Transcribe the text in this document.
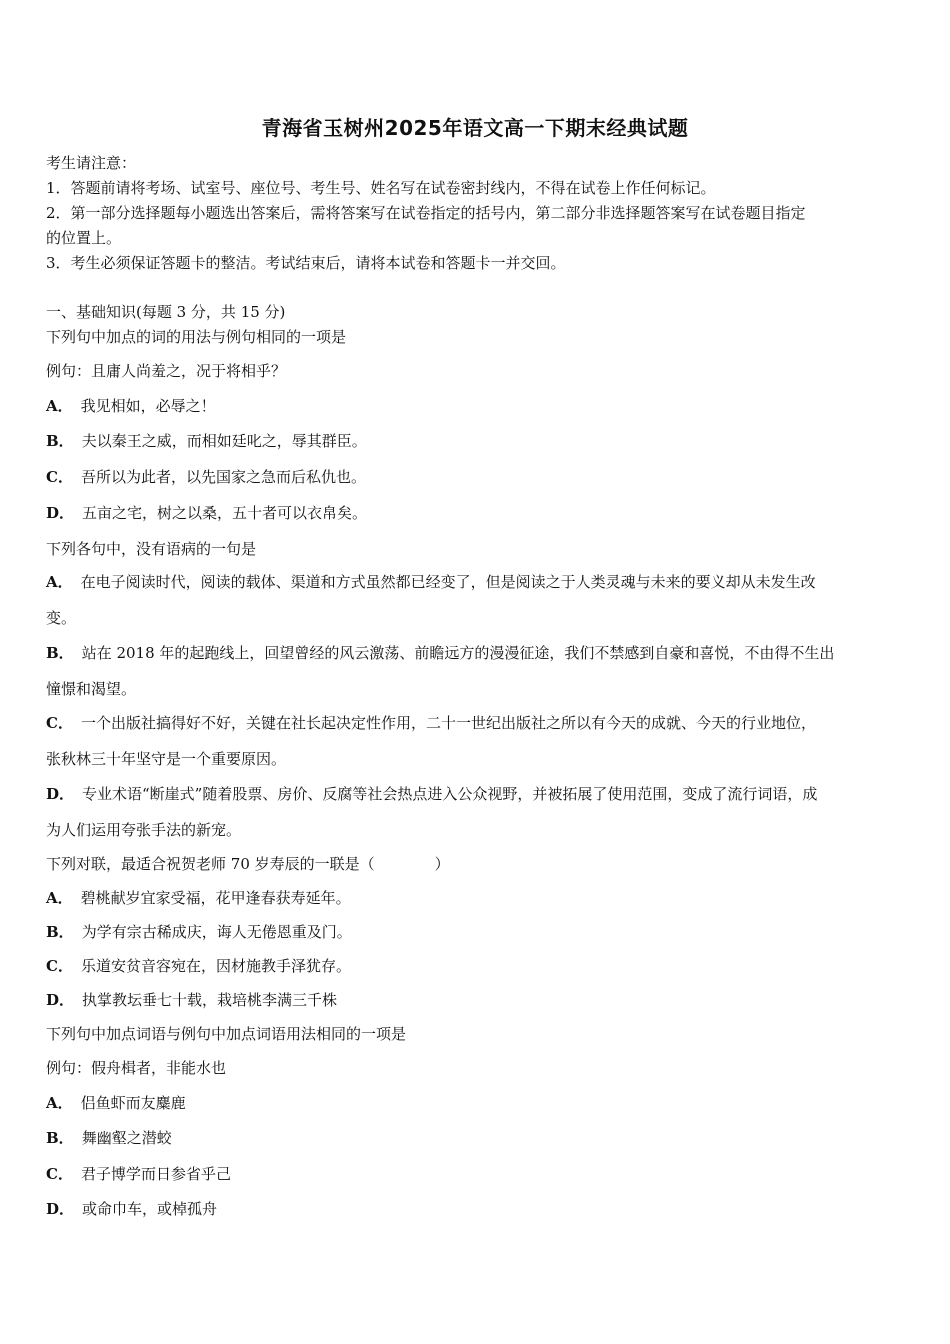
青海省玉树州2025年语文高一下期末经典试题
考生请注意：
1．答题前请将考场、试室号、座位号、考生号、姓名写在试卷密封线内，不得在试卷上作任何标记。
2．第一部分选择题每小题选出答案后，需将答案写在试卷指定的括号内，第二部分非选择题答案写在试卷题目指定
的位置上。
3．考生必须保证答题卡的整洁。考试结束后，请将本试卷和答题卡一并交回。
一、基础知识(每题 3 分，共 15 分)
下列句中加点的词的用法与例句相同的一项是
例句：且庸人尚羞之，况于将相乎？
A． 我见相如，必辱之！
B． 夫以秦王之威，而相如廷叱之，辱其群臣。
C． 吾所以为此者，以先国家之急而后私仇也。
D． 五亩之宅，树之以桑，五十者可以衣帛矣。
下列各句中，没有语病的一句是
A． 在电子阅读时代，阅读的载体、渠道和方式虽然都已经变了，但是阅读之于人类灵魂与未来的要义却从未发生改
变。
B． 站在 2018 年的起跑线上，回望曾经的风云激荡、前瞻远方的漫漫征途，我们不禁感到自豪和喜悦，不由得不生出
憧憬和渴望。
C． 一个出版社搞得好不好，关键在社长起决定性作用，二十一世纪出版社之所以有今天的成就、今天的行业地位，
张秋林三十年坚守是一个重要原因。
D． 专业术语“断崖式”随着股票、房价、反腐等社会热点进入公众视野，并被拓展了使用范围，变成了流行词语，成
为人们运用夸张手法的新宠。
下列对联，最适合祝贺老师 70 岁寿辰的一联是（	）
A． 碧桃献岁宜家受福，花甲逢春获寿延年。
B． 为学有宗古稀成庆，诲人无倦恩重及门。
C． 乐道安贫音容宛在，因材施教手泽犹存。
D． 执掌教坛垂七十载，栽培桃李满三千株
下列句中加点词语与例句中加点词语用法相同的一项是
例句：假舟楫者，非能水也
A． 侣鱼虾而友麋鹿
B． 舞幽壑之潜蛟
C． 君子博学而日参省乎己
D． 或命巾车，或棹孤舟
